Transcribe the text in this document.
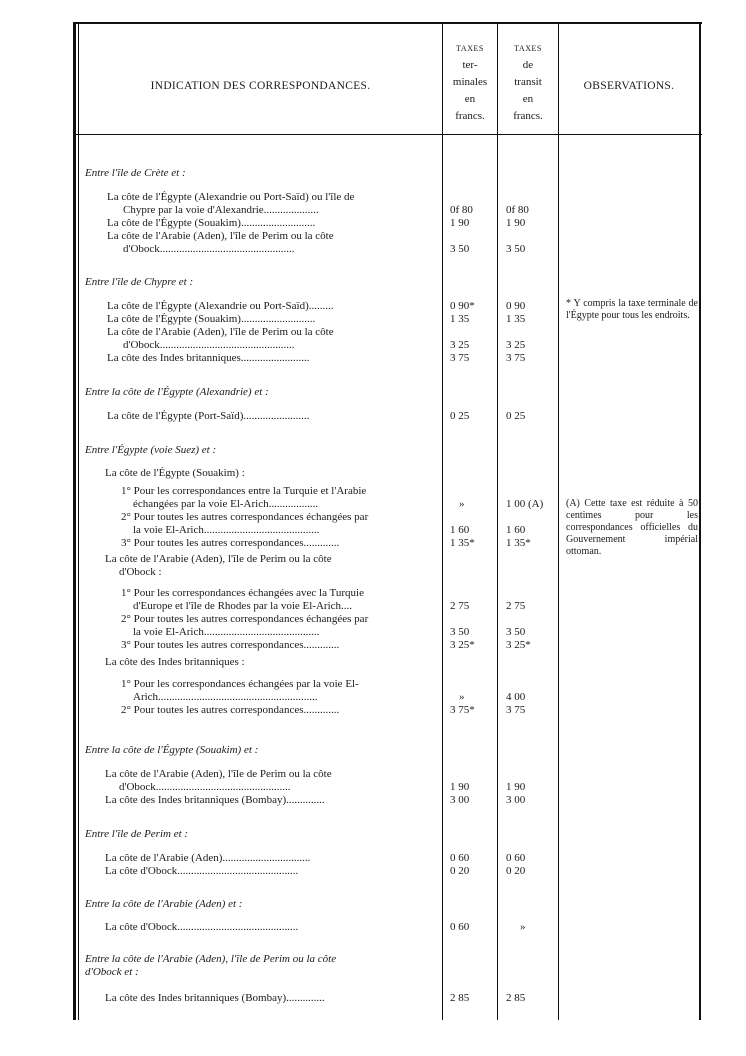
INDICATION DES CORRESPONDANCES.
TAXES
ter-
minales
en
francs.
TAXES
de
transit
en
francs.
OBSERVATIONS.
Entre l'île de Crète et :
La côte de l'Égypte (Alexandrie ou Port-Saïd) ou l'île de
Chypre par la voie d'Alexandrie....................	0f 80	0f 80
La côte de l'Égypte (Souakim)...........................	1 90	1 90
La côte de l'Arabie (Aden), l'île de Perim ou la côte
d'Obock.................................................	3 50	3 50
Entre l'île de Chypre et :
La côte de l'Égypte (Alexandrie ou Port-Saïd).........	0 90*	0 90
La côte de l'Égypte (Souakim)...........................	1 35	1 35
La côte de l'Arabie (Aden), l'île de Perim ou la côte
d'Obock.................................................	3 25	3 25
La côte des Indes britanniques.........................	3 75	3 75
* Y compris la taxe terminale de l'Égypte pour tous les endroits.
Entre la côte de l'Égypte (Alexandrie) et :
La côte de l'Égypte (Port-Saïd)........................	0 25	0 25
Entre l'Égypte (voie Suez) et :
La côte de l'Égypte (Souakim) :
1° Pour les correspondances entre la Turquie et l'Arabie
échangées par la voie El-Arich..................	»	1 00 (A)
2° Pour toutes les autres correspondances échangées par
la voie El-Arich..........................................	1 60	1 60
3° Pour toutes les autres correspondances.............	1 35*	1 35*
La côte de l'Arabie (Aden), l'île de Perim ou la côte
d'Obock :
1° Pour les correspondances échangées avec la Turquie
d'Europe et l'île de Rhodes par la voie El-Arich....	2 75	2 75
2° Pour toutes les autres correspondances échangées par
la voie El-Arich..........................................	3 50	3 50
3° Pour toutes les autres correspondances.............	3 25*	3 25*
La côte des Indes britanniques :
1° Pour les correspondances échangées par la voie El-
Arich..........................................................	»	4 00
2° Pour toutes les autres correspondances.............	3 75*	3 75
(A) Cette taxe est réduite à 50 centimes pour les correspondances officielles du Gouvernement impérial ottoman.
Entre la côte de l'Égypte (Souakim) et :
La côte de l'Arabie (Aden), l'île de Perim ou la côte
d'Obock.................................................	1 90	1 90
La côte des Indes britanniques (Bombay)..............	3 00	3 00
Entre l'île de Perim et :
La côte de l'Arabie (Aden)................................	0 60	0 60
La côte d'Obock............................................	0 20	0 20
Entre la côte de l'Arabie (Aden) et :
La côte d'Obock............................................	0 60	»
Entre la côte de l'Arabie (Aden), l'île de Perim ou la côte
d'Obock et :
La côte des Indes britanniques (Bombay)..............	2 85	2 85
